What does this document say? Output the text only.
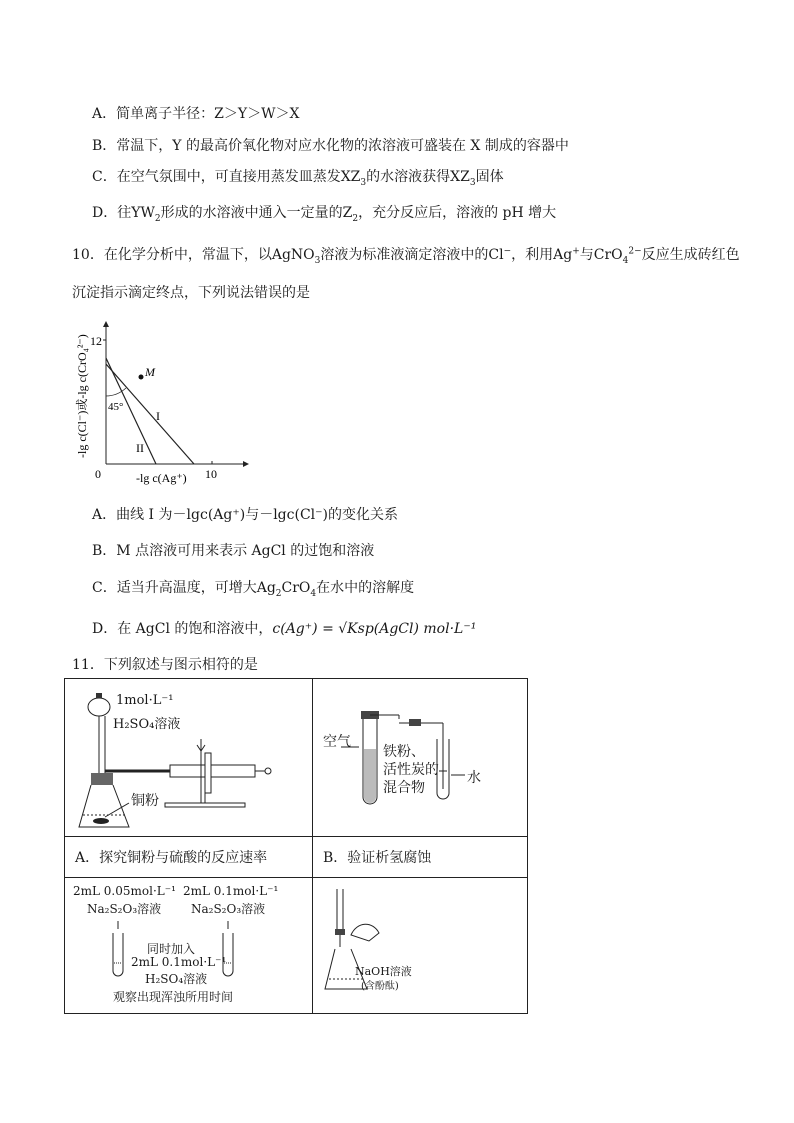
A．简单离子半径：Z＞Y＞W＞X
B．常温下，Y 的最高价氧化物对应水化物的浓溶液可盛装在 X 制成的容器中
C．在空气氛围中，可直接用蒸发皿蒸发$XZ_3$的水溶液获得$XZ_3$固体
D．往$YW_2$形成的水溶液中通入一定量的$Z_2$，充分反应后，溶液的 pH 增大
10．在化学分析中，常温下，以AgNO$_3$溶液为标准液滴定溶液中的Cl−，利用Ag+与CrO$_4^{2-}$反应生成砖红色
沉淀指示滴定终点，下列说法错误的是
12
10
0
45°
M
I
II
-lg c(Ag⁺)
-lg c(Cl⁻)或-lg c(CrO₄²⁻)
A．曲线 I 为－lgc(Ag⁺)与－lgc(Cl⁻)的变化关系
B．M 点溶液可用来表示 AgCl 的过饱和溶液
C．适当升高温度，可增大$Ag_2CrO_4$在水中的溶解度
D．在 AgCl 的饱和溶液中，c(Ag⁺) = √Ksp(AgCl) mol·L⁻¹
11．下列叙述与图示相符的是
1mol·L⁻¹
H₂SO₄溶液
铜粉
空气
铁粉、
活性炭的
混合物
水
A．探究铜粉与硫酸的反应速率	B．验证析氢腐蚀
2mL 0.05mol·L⁻¹
Na₂S₂O₃溶液
2mL 0.1mol·L⁻¹
Na₂S₂O₃溶液
同时加入
2mL 0.1mol·L⁻¹
H₂SO₄溶液
观察出现浑浊所用时间
NaOH溶液
(含酚酞)
